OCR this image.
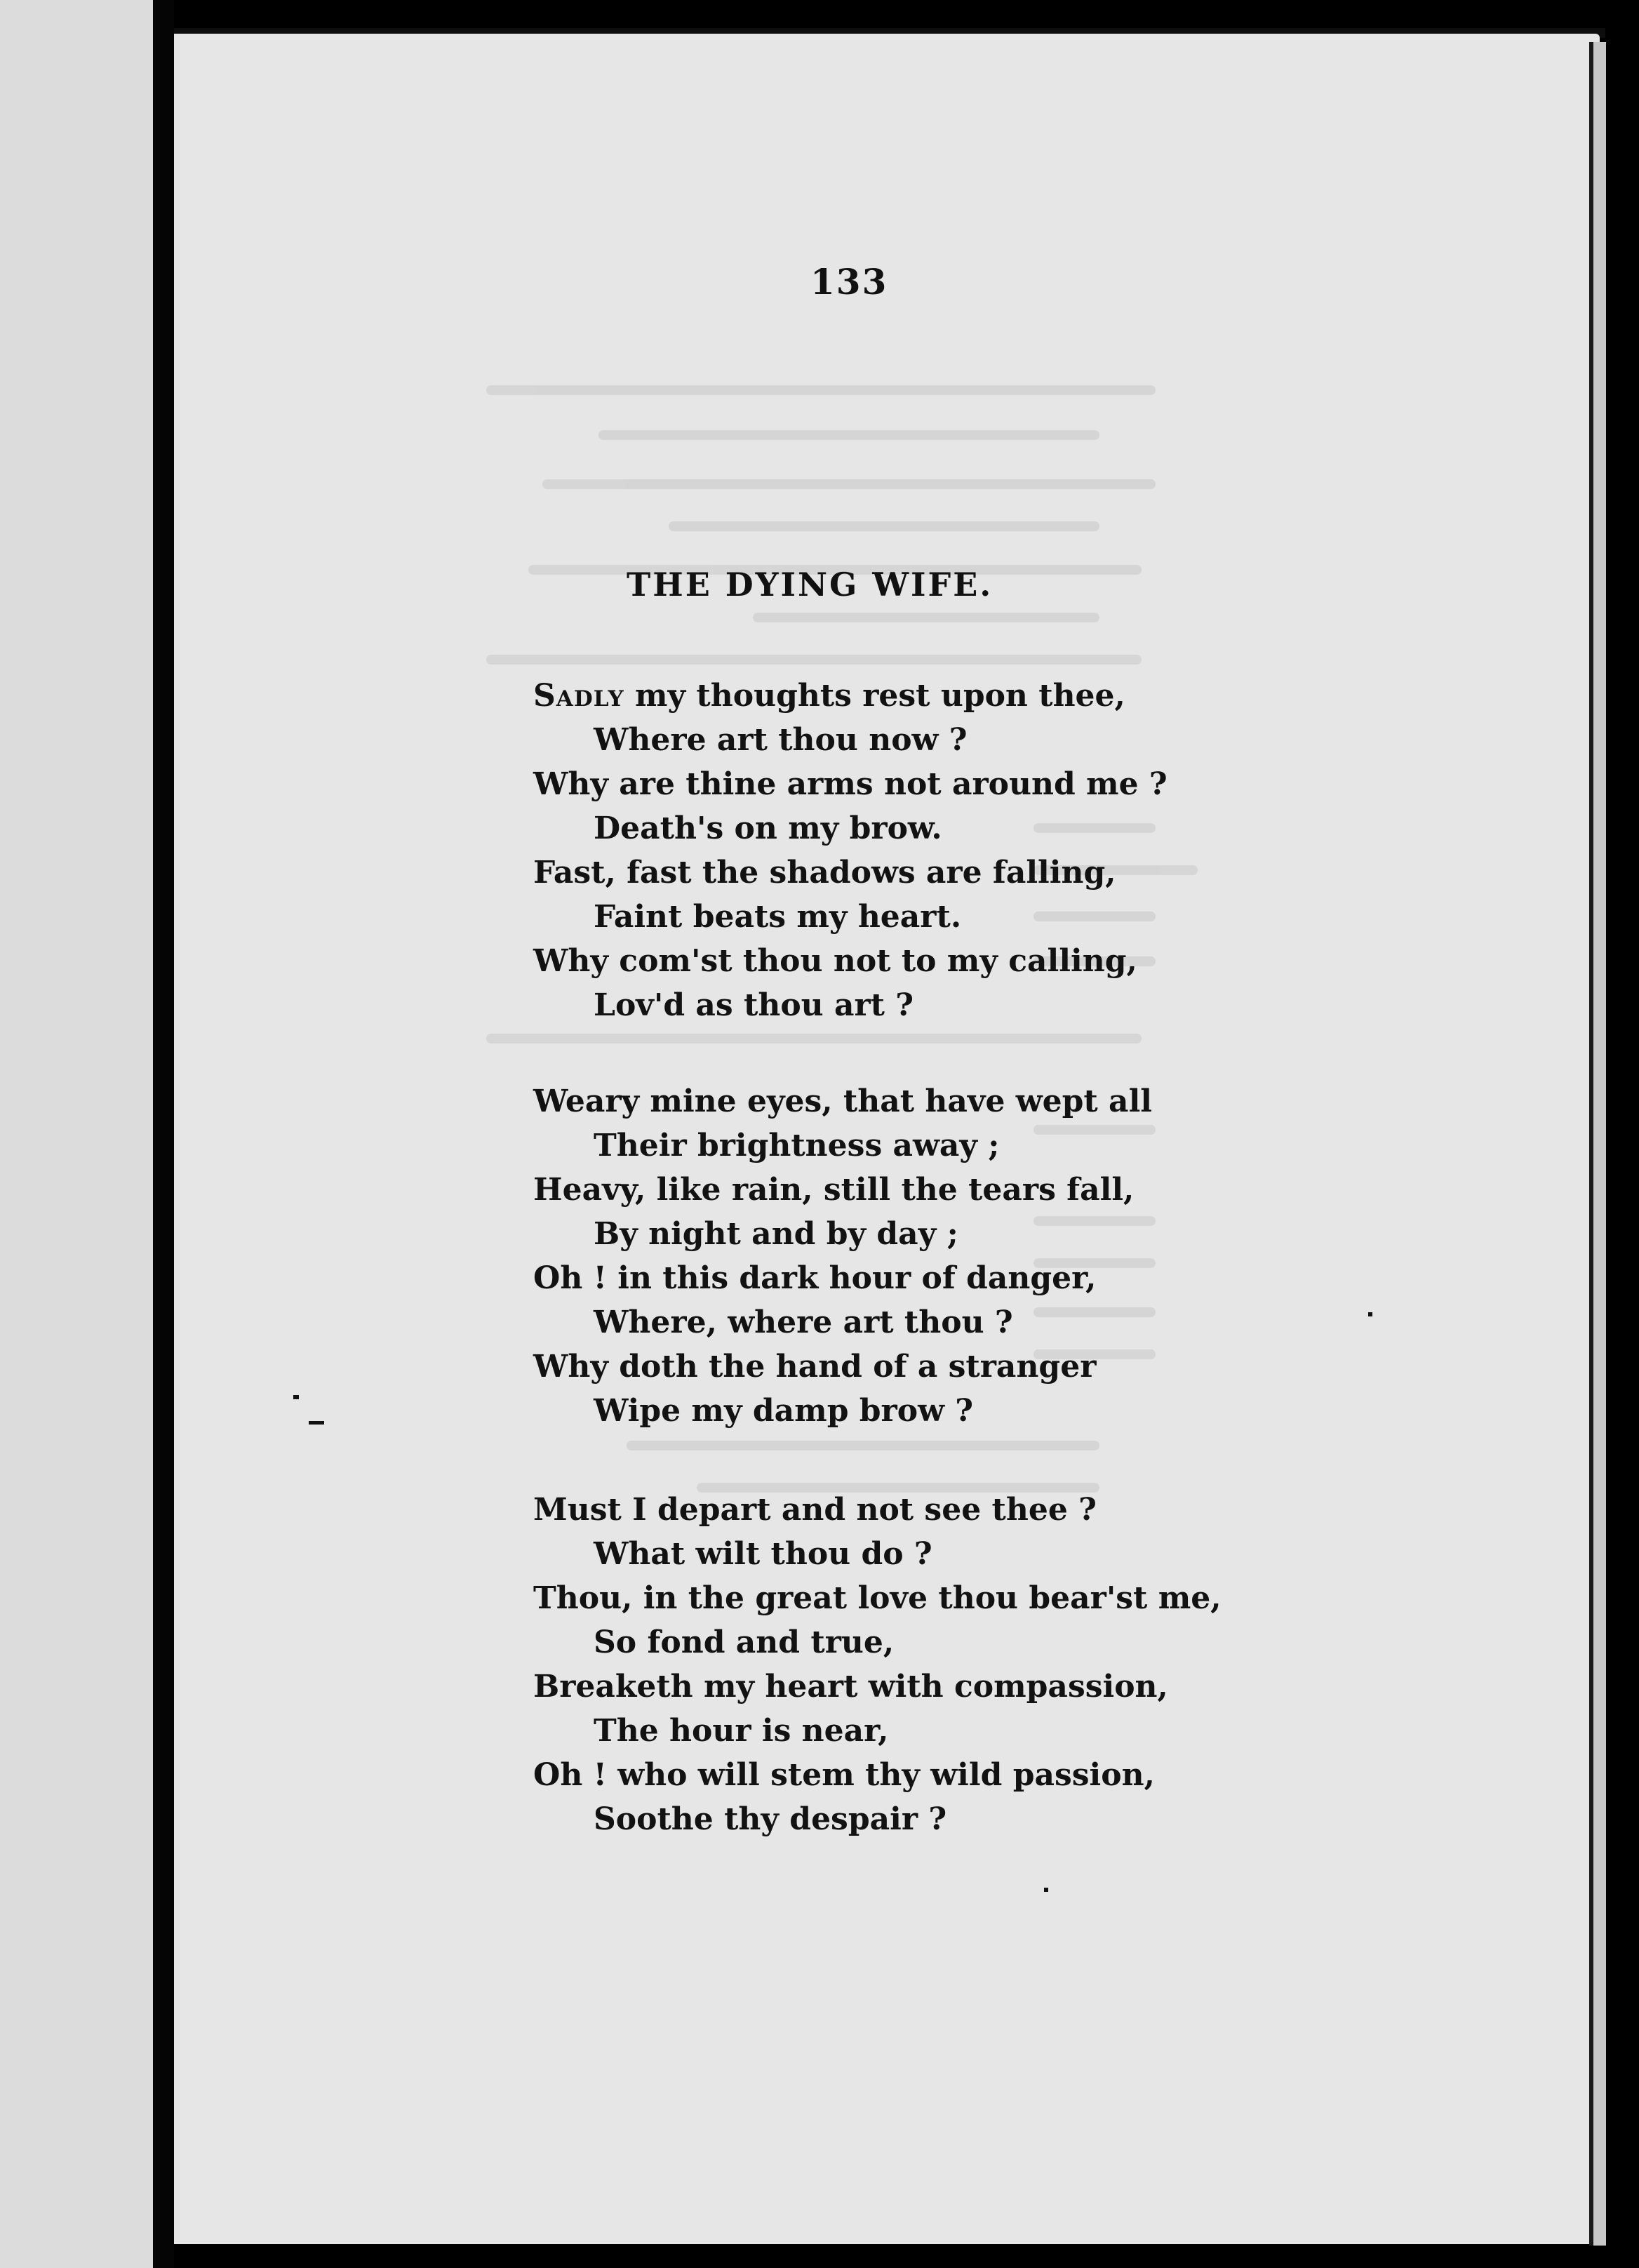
133
THE DYING WIFE.
Sadly my thoughts rest upon thee,
Where art thou now ?
Why are thine arms not around me ?
Death's on my brow.
Fast, fast the shadows are falling,
Faint beats my heart.
Why com'st thou not to my calling,
Lov'd as thou art ?
Weary mine eyes, that have wept all
Their brightness away ;
Heavy, like rain, still the tears fall,
By night and by day ;
Oh ! in this dark hour of danger,
Where, where art thou ?
Why doth the hand of a stranger
Wipe my damp brow ?
Must I depart and not see thee ?
What wilt thou do ?
Thou, in the great love thou bear'st me,
So fond and true,
Breaketh my heart with compassion,
The hour is near,
Oh ! who will stem thy wild passion,
Soothe thy despair ?
